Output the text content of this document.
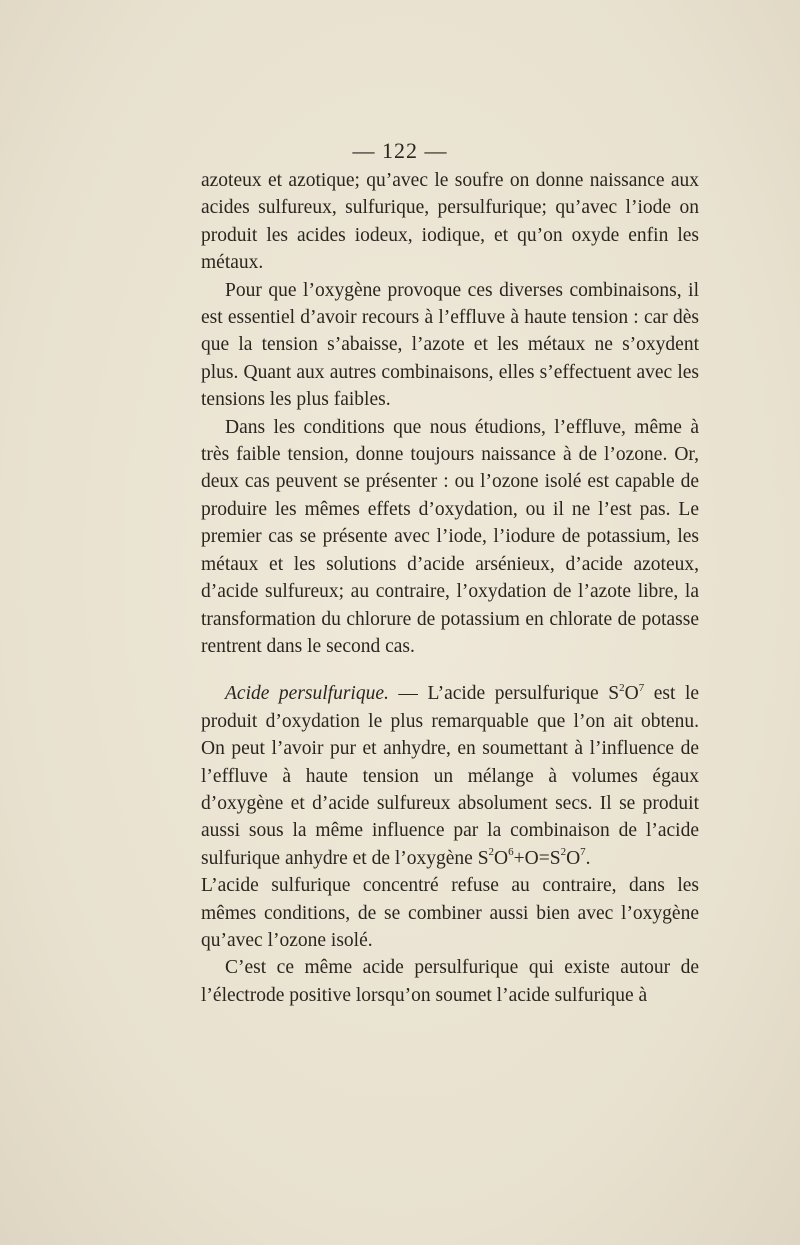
— 122 —

azoteux et azotique; qu’avec le soufre on donne naissance aux acides sulfureux, sulfurique, persulfurique; qu’avec l’iode on produit les acides iodeux, iodique, et qu’on oxyde enfin les métaux.

Pour que l’oxygène provoque ces diverses combinaisons, il est essentiel d’avoir recours à l’effluve à haute tension : car dès que la tension s’abaisse, l’azote et les métaux ne s’oxydent plus. Quant aux autres combinaisons, elles s’effectuent avec les tensions les plus faibles.

Dans les conditions que nous étudions, l’effluve, même à très faible tension, donne toujours naissance à de l’ozone. Or, deux cas peuvent se présenter : ou l’ozone isolé est capable de produire les mêmes effets d’oxydation, ou il ne l’est pas. Le premier cas se présente avec l’iode, l’iodure de potassium, les métaux et les solutions d’acide arsénieux, d’acide azoteux, d’acide sulfureux; au contraire, l’oxydation de l’azote libre, la transformation du chlorure de potassium en chlorate de potasse rentrent dans le second cas.

Acide persulfurique. — L’acide persulfurique $S^2O^7$ est le produit d’oxydation le plus remarquable que l’on ait obtenu. On peut l’avoir pur et anhydre, en soumettant à l’influence de l’effluve à haute tension un mélange à volumes égaux d’oxygène et d’acide sulfureux absolument secs. Il se produit aussi sous la même influence par la combinaison de l’acide sulfurique anhydre et de l’oxygène $S^2O^6+O=S^2O^7$.

L’acide sulfurique concentré refuse au contraire, dans les mêmes conditions, de se combiner aussi bien avec l’oxygène qu’avec l’ozone isolé.

C’est ce même acide persulfurique qui existe autour de l’électrode positive lorsqu’on soumet l’acide sulfurique à
